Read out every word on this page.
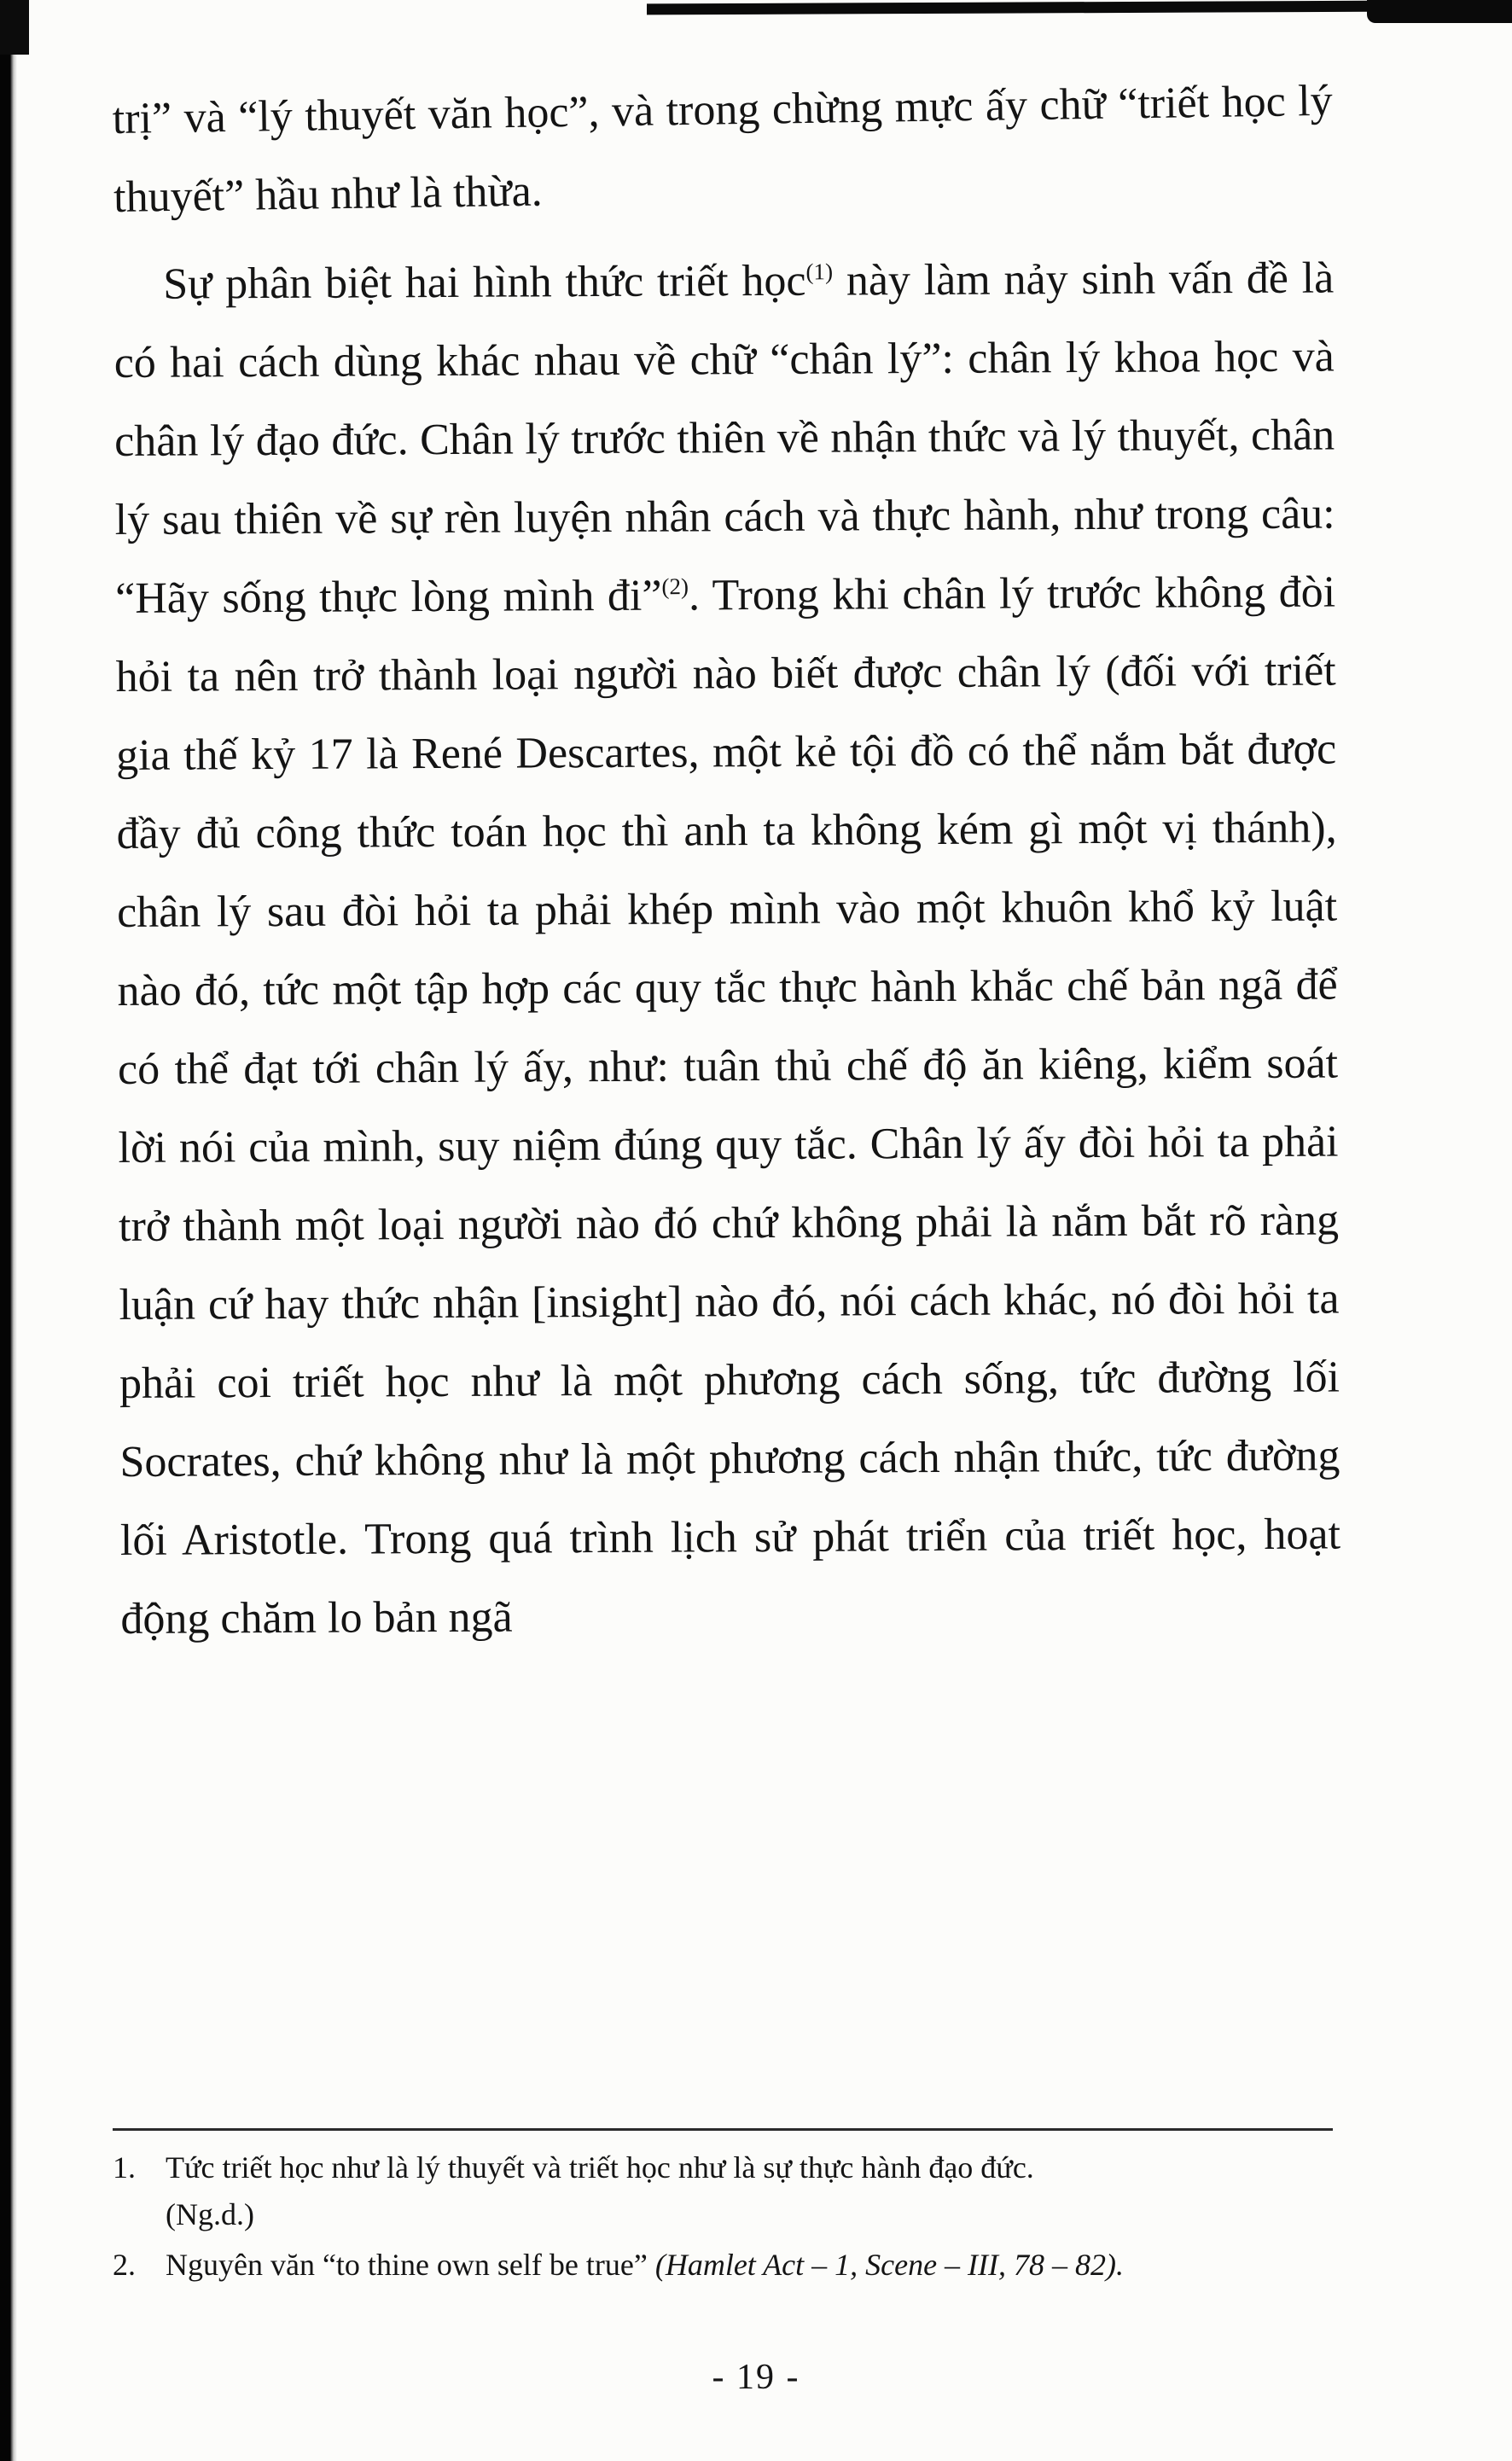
trị” và “lý thuyết văn học”, và trong chừng mực ấy chữ “triết học lý thuyết” hầu như là thừa.

Sự phân biệt hai hình thức triết học$^{(1)}$ này làm nảy sinh vấn đề là có hai cách dùng khác nhau về chữ “chân lý”: chân lý khoa học và chân lý đạo đức. Chân lý trước thiên về nhận thức và lý thuyết, chân lý sau thiên về sự rèn luyện nhân cách và thực hành, như trong câu: “Hãy sống thực lòng mình đi”$^{(2)}$. Trong khi chân lý trước không đòi hỏi ta nên trở thành loại người nào biết được chân lý (đối với triết gia thế kỷ 17 là René Descartes, một kẻ tội đồ có thể nắm bắt được đầy đủ công thức toán học thì anh ta không kém gì một vị thánh), chân lý sau đòi hỏi ta phải khép mình vào một khuôn khổ kỷ luật nào đó, tức một tập hợp các quy tắc thực hành khắc chế bản ngã để có thể đạt tới chân lý ấy, như: tuân thủ chế độ ăn kiêng, kiểm soát lời nói của mình, suy niệm đúng quy tắc. Chân lý ấy đòi hỏi ta phải trở thành một loại người nào đó chứ không phải là nắm bắt rõ ràng luận cứ hay thức nhận [insight] nào đó, nói cách khác, nó đòi hỏi ta phải coi triết học như là một phương cách sống, tức đường lối Socrates, chứ không như là một phương cách nhận thức, tức đường lối Aristotle. Trong quá trình lịch sử phát triển của triết học, hoạt động chăm lo bản ngã

1. Tức triết học như là lý thuyết và triết học như là sự thực hành đạo đức.
(Ng.d.)
2. Nguyên văn “to thine own self be true” (Hamlet Act – 1, Scene – III, 78 – 82).
- 19 -
